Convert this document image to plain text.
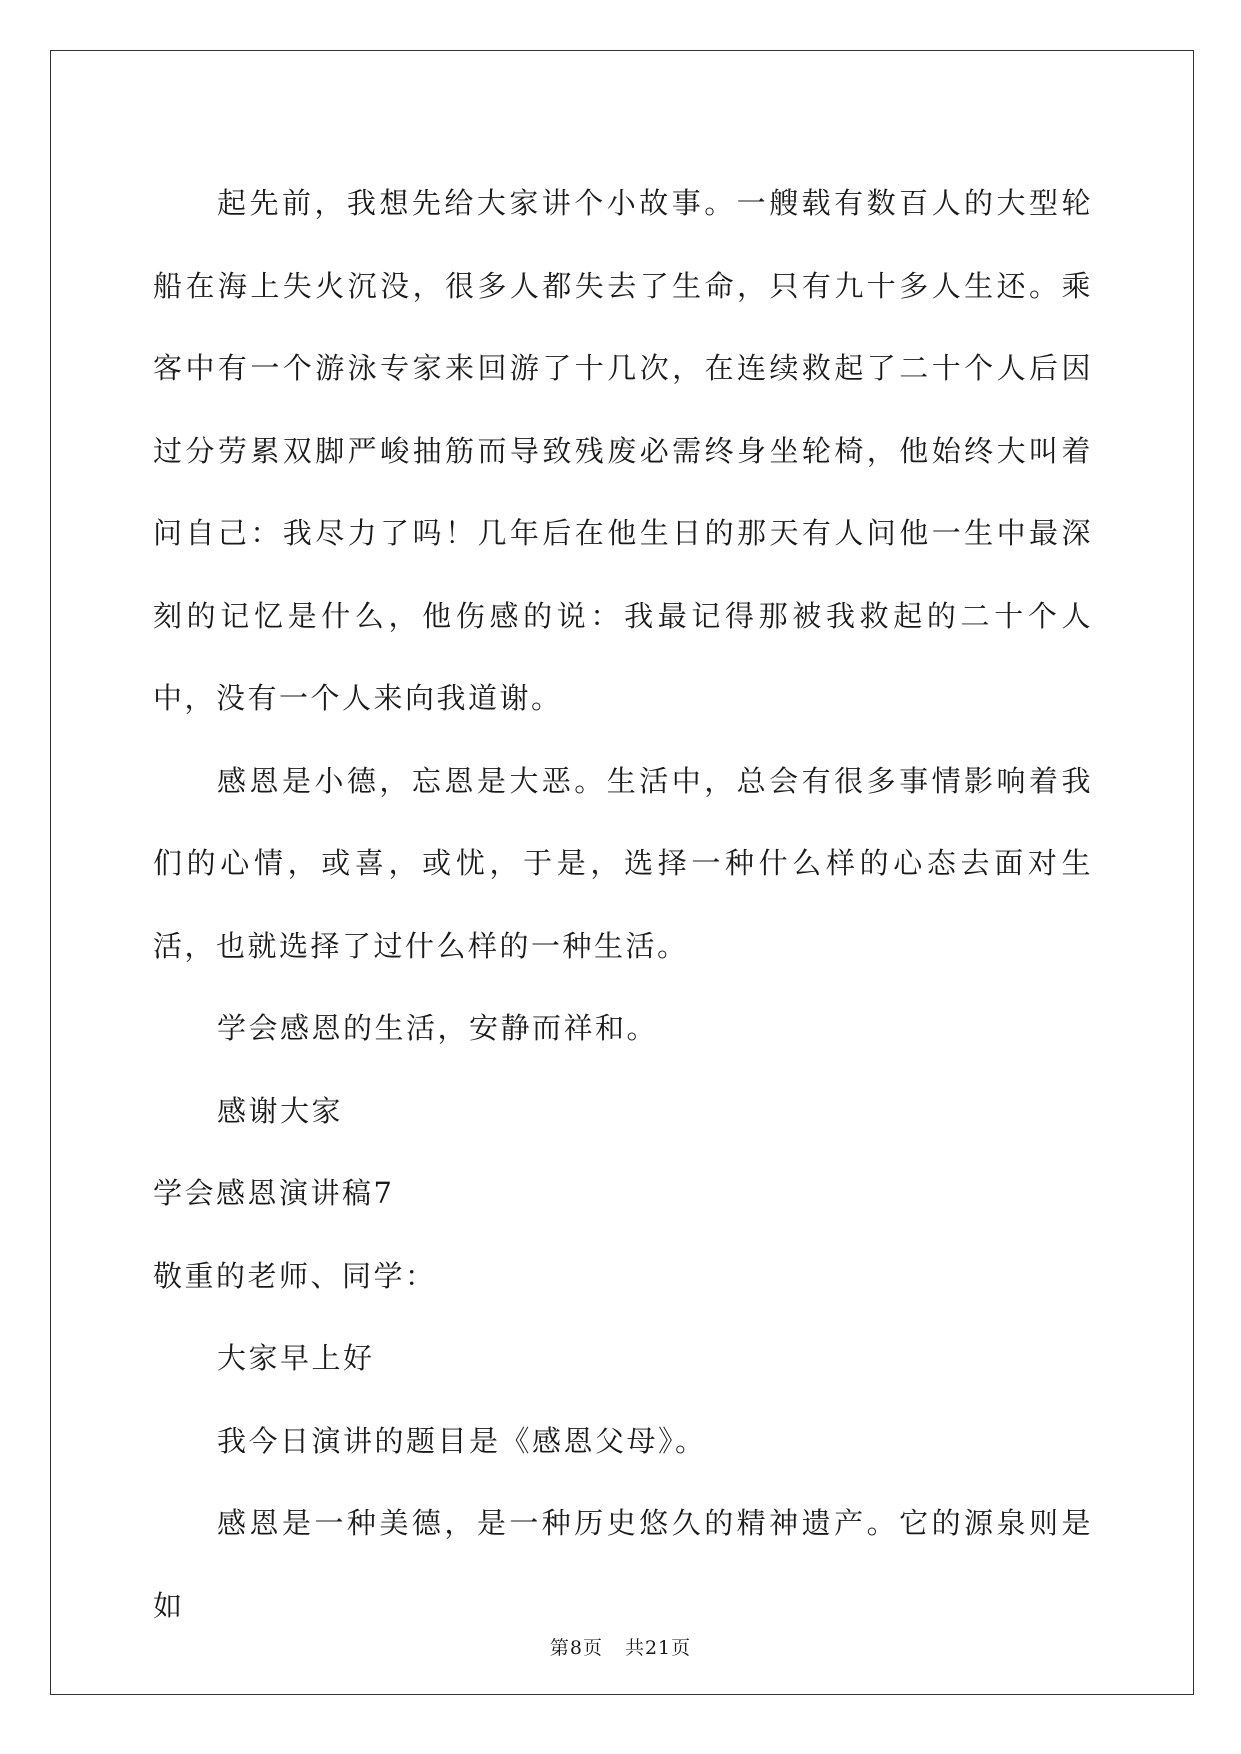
起先前，我想先给大家讲个小故事。一艘载有数百人的大型轮船在海上失火沉没，很多人都失去了生命，只有九十多人生还。乘客中有一个游泳专家来回游了十几次，在连续救起了二十个人后因过分劳累双脚严峻抽筋而导致残废必需终身坐轮椅，他始终大叫着问自己：我尽力了吗！几年后在他生日的那天有人问他一生中最深刻的记忆是什么，他伤感的说：我最记得那被我救起的二十个人中，没有一个人来向我道谢。

感恩是小德，忘恩是大恶。生活中，总会有很多事情影响着我们的心情，或喜，或忧，于是，选择一种什么样的心态去面对生活，也就选择了过什么样的一种生活。

学会感恩的生活，安静而祥和。

感谢大家

学会感恩演讲稿7

敬重的老师、同学：

大家早上好

我今日演讲的题目是《感恩父母》。

感恩是一种美德，是一种历史悠久的精神遗产。它的源泉则是如

第8页 共21页
